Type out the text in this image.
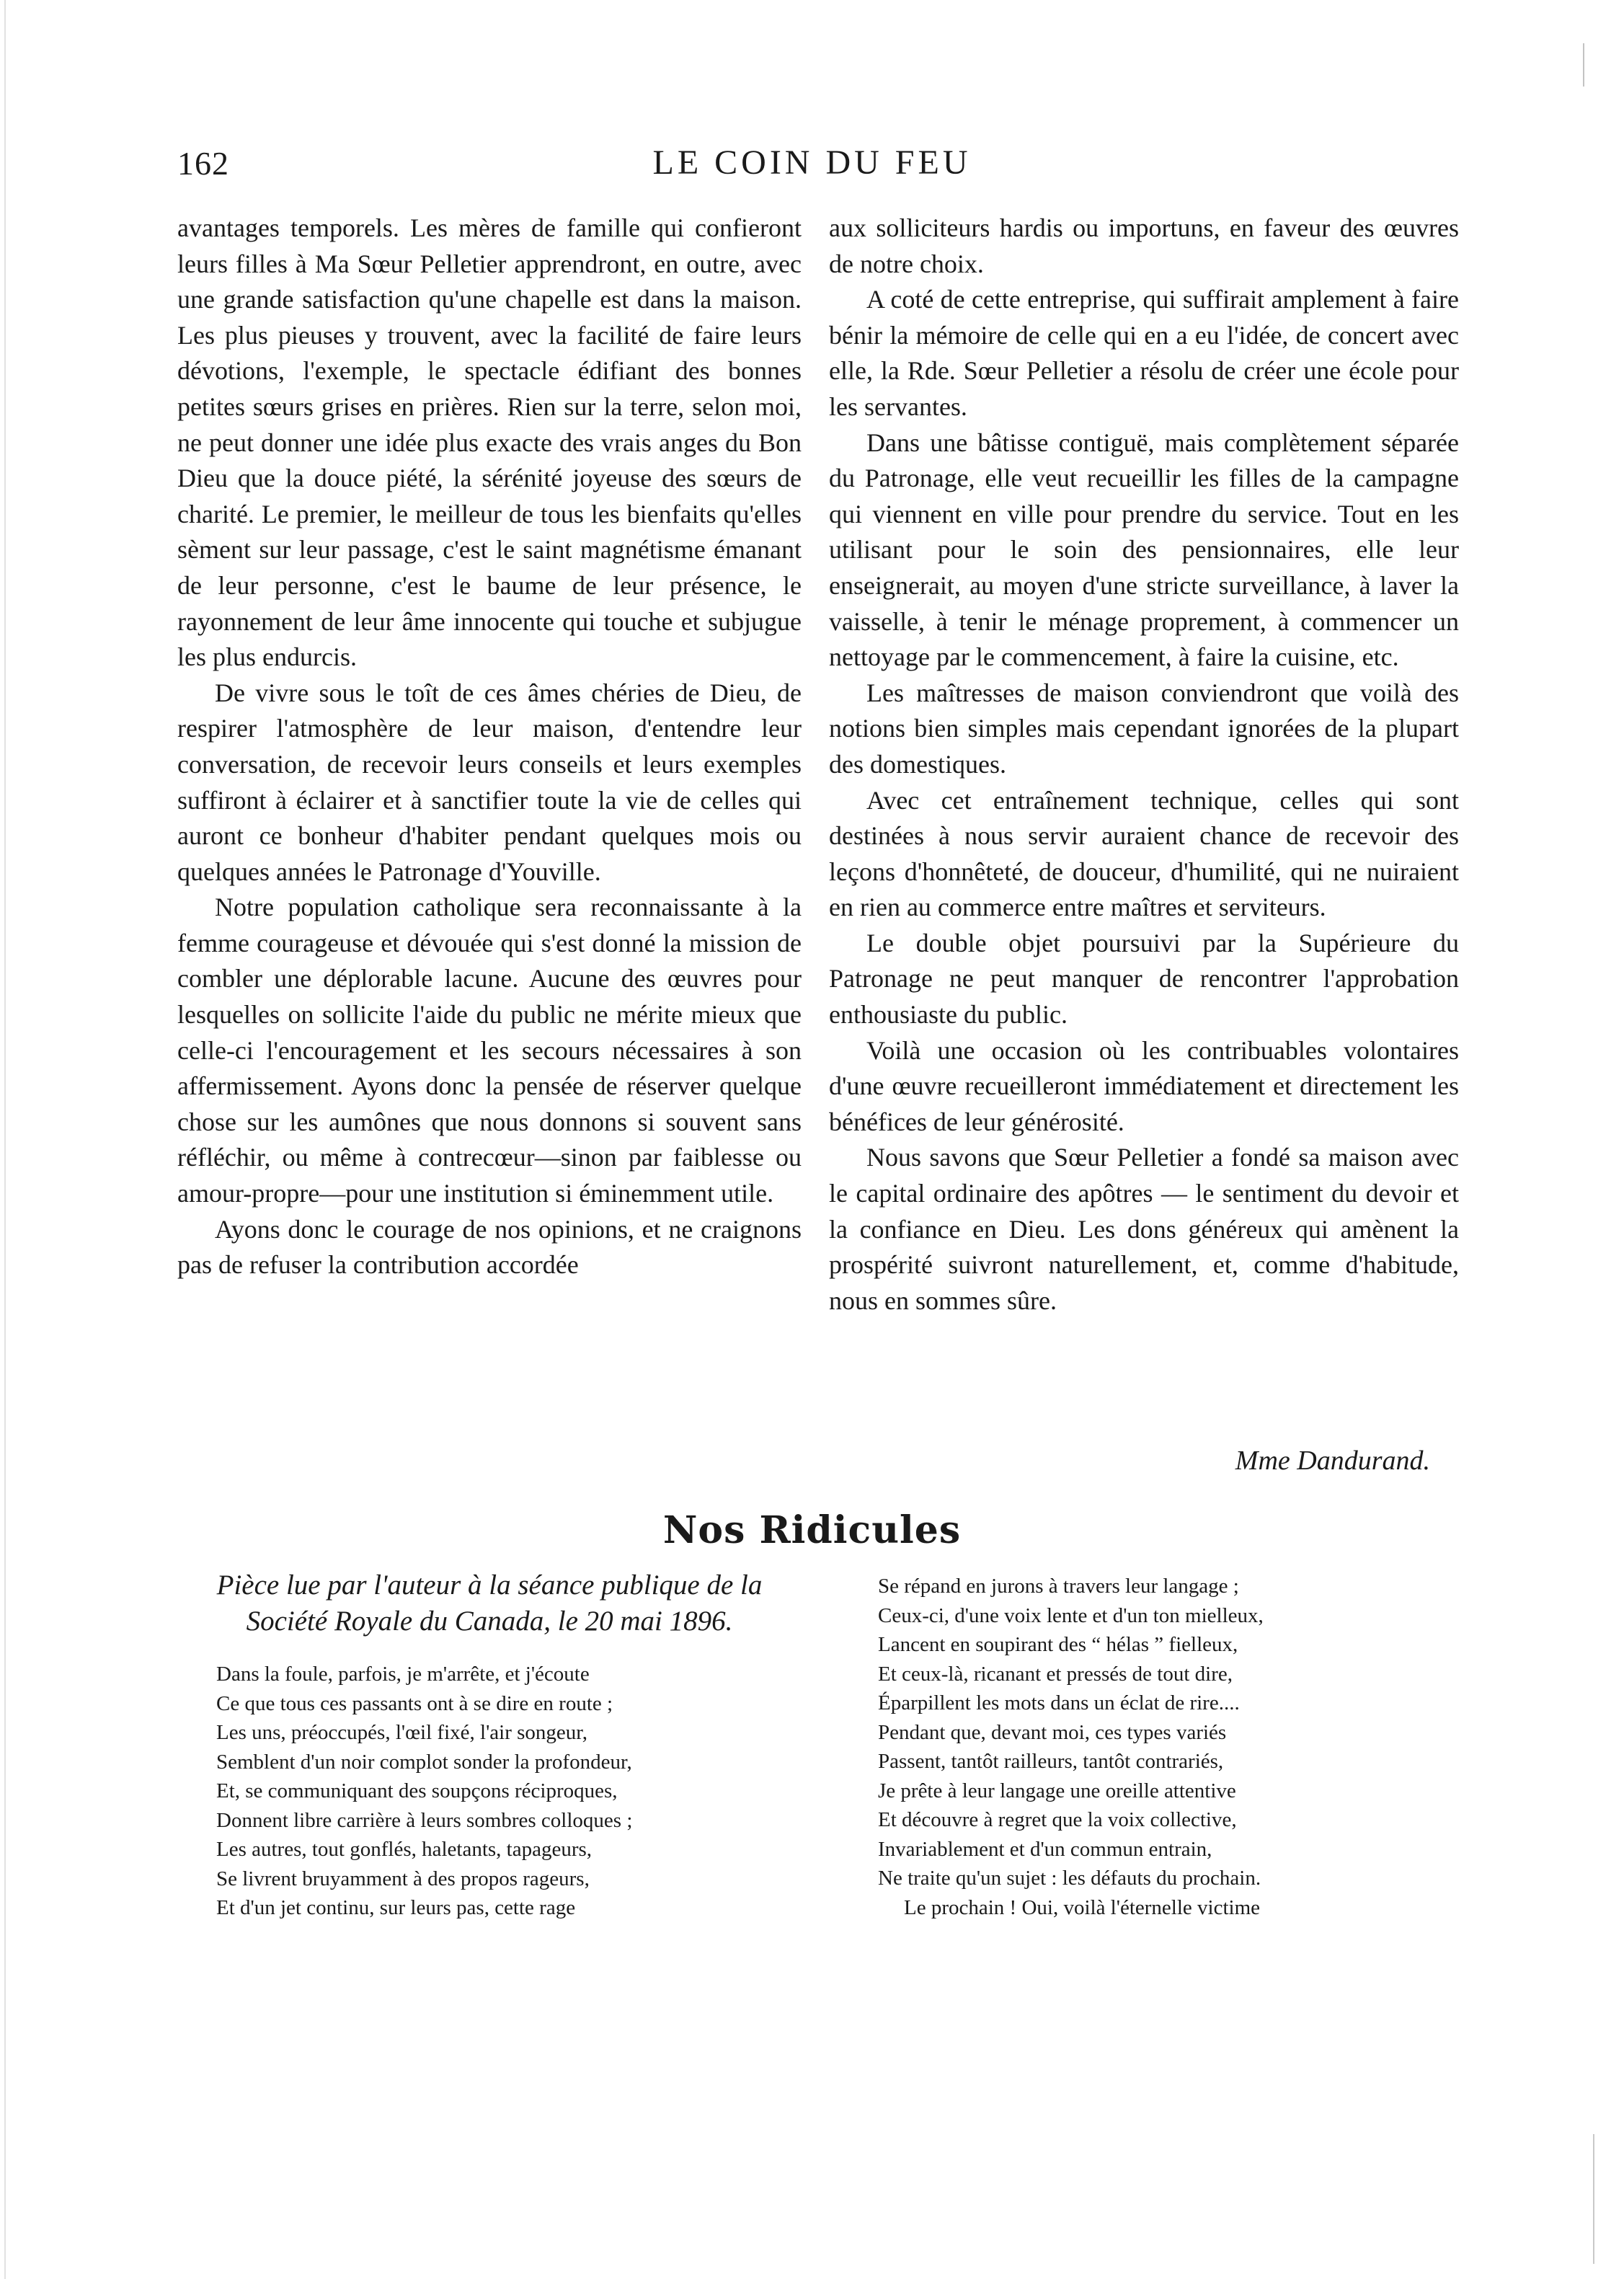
162	LE COIN DU FEU

avantages temporels. Les mères de famille qui confieront leurs filles à Ma Sœur Pelletier apprendront, en outre, avec une grande satisfaction qu'une chapelle est dans la maison. Les plus pieuses y trouvent, avec la facilité de faire leurs dévotions, l'exemple, le spectacle édifiant des bonnes petites sœurs grises en prières. Rien sur la terre, selon moi, ne peut donner une idée plus exacte des vrais anges du Bon Dieu que la douce piété, la sérénité joyeuse des sœurs de charité. Le premier, le meilleur de tous les bienfaits qu'elles sèment sur leur passage, c'est le saint magnétisme émanant de leur personne, c'est le baume de leur présence, le rayonnement de leur âme innocente qui touche et subjugue les plus endurcis.

De vivre sous le toît de ces âmes chéries de Dieu, de respirer l'atmosphère de leur maison, d'entendre leur conversation, de recevoir leurs conseils et leurs exemples suffiront à éclairer et à sanctifier toute la vie de celles qui auront ce bonheur d'habiter pendant quelques mois ou quelques années le Patronage d'Youville.

Notre population catholique sera reconnaissante à la femme courageuse et dévouée qui s'est donné la mission de combler une déplorable lacune. Aucune des œuvres pour lesquelles on sollicite l'aide du public ne mérite mieux que celle-ci l'encouragement et les secours nécessaires à son affermissement. Ayons donc la pensée de réserver quelque chose sur les aumônes que nous donnons si souvent sans réfléchir, ou même à contrecœur—sinon par faiblesse ou amour-propre—pour une institution si éminemment utile.

Ayons donc le courage de nos opinions, et ne craignons pas de refuser la contribution accordée

aux solliciteurs hardis ou importuns, en faveur des œuvres de notre choix.

A coté de cette entreprise, qui suffirait amplement à faire bénir la mémoire de celle qui en a eu l'idée, de concert avec elle, la Rde. Sœur Pelletier a résolu de créer une école pour les servantes.

Dans une bâtisse contiguë, mais complètement séparée du Patronage, elle veut recueillir les filles de la campagne qui viennent en ville pour prendre du service. Tout en les utilisant pour le soin des pensionnaires, elle leur enseignerait, au moyen d'une stricte surveillance, à laver la vaisselle, à tenir le ménage proprement, à commencer un nettoyage par le commencement, à faire la cuisine, etc.

Les maîtresses de maison conviendront que voilà des notions bien simples mais cependant ignorées de la plupart des domestiques.

Avec cet entraînement technique, celles qui sont destinées à nous servir auraient chance de recevoir des leçons d'honnêteté, de douceur, d'humilité, qui ne nuiraient en rien au commerce entre maîtres et serviteurs.

Le double objet poursuivi par la Supérieure du Patronage ne peut manquer de rencontrer l'approbation enthousiaste du public.

Voilà une occasion où les contribuables volontaires d'une œuvre recueilleront immédiatement et directement les bénéfices de leur générosité.

Nous savons que Sœur Pelletier a fondé sa maison avec le capital ordinaire des apôtres — le sentiment du devoir et la confiance en Dieu. Les dons généreux qui amènent la prospérité suivront naturellement, et, comme d'habitude, nous en sommes sûre.

Mme Dandurand.
Nos Ridicules
Pièce lue par l'auteur à la séance publique de la Société Royale du Canada, le 20 mai 1896.
Dans la foule, parfois, je m'arrête, et j'écoute
Ce que tous ces passants ont à se dire en route ;
Les uns, préoccupés, l'œil fixé, l'air songeur,
Semblent d'un noir complot sonder la profondeur,
Et, se communiquant des soupçons réciproques,
Donnent libre carrière à leurs sombres colloques ;
Les autres, tout gonflés, haletants, tapageurs,
Se livrent bruyamment à des propos rageurs,
Et d'un jet continu, sur leurs pas, cette rage
Se répand en jurons à travers leur langage ;
Ceux-ci, d'une voix lente et d'un ton mielleux,
Lancent en soupirant des “ hélas ” fielleux,
Et ceux-là, ricanant et pressés de tout dire,
Éparpillent les mots dans un éclat de rire....
Pendant que, devant moi, ces types variés
Passent, tantôt railleurs, tantôt contrariés,
Je prête à leur langage une oreille attentive
Et découvre à regret que la voix collective,
Invariablement et d'un commun entrain,
Ne traite qu'un sujet : les défauts du prochain.
Le prochain ! Oui, voilà l'éternelle victime
